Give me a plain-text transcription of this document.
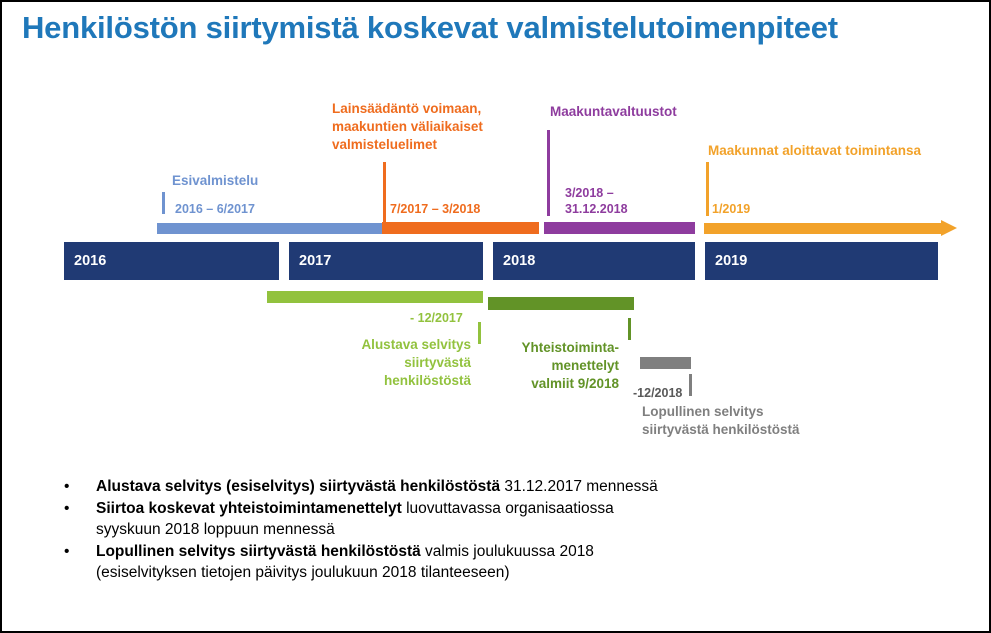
Henkilöstön siirtymistä koskevat valmistelutoimenpiteet
Esivalmistelu
2016 – 6/2017
Lainsäädäntö voimaan,
maakuntien väliaikaiset
valmisteluelimet
7/2017 – 3/2018
Maakuntavaltuustot
3/2018 –
31.12.2018
Maakunnat aloittavat toimintansa
1/2019
2016	2017	2018	2019
- 12/2017
Alustava selvitys
siirtyvästä
henkilöstöstä
Yhteistoiminta-
menettelyt
valmiit 9/2018
-12/2018
Lopullinen selvitys
siirtyvästä henkilöstöstä
• Alustava selvitys (esiselvitys) siirtyvästä henkilöstöstä 31.12.2017 mennessä
• Siirtoa koskevat yhteistoimintamenettelyt luovuttavassa organisaatiossa
syyskuun 2018 loppuun mennessä
• Lopullinen selvitys siirtyvästä henkilöstöstä valmis joulukuussa 2018
(esiselvityksen tietojen päivitys joulukuun 2018 tilanteeseen)
